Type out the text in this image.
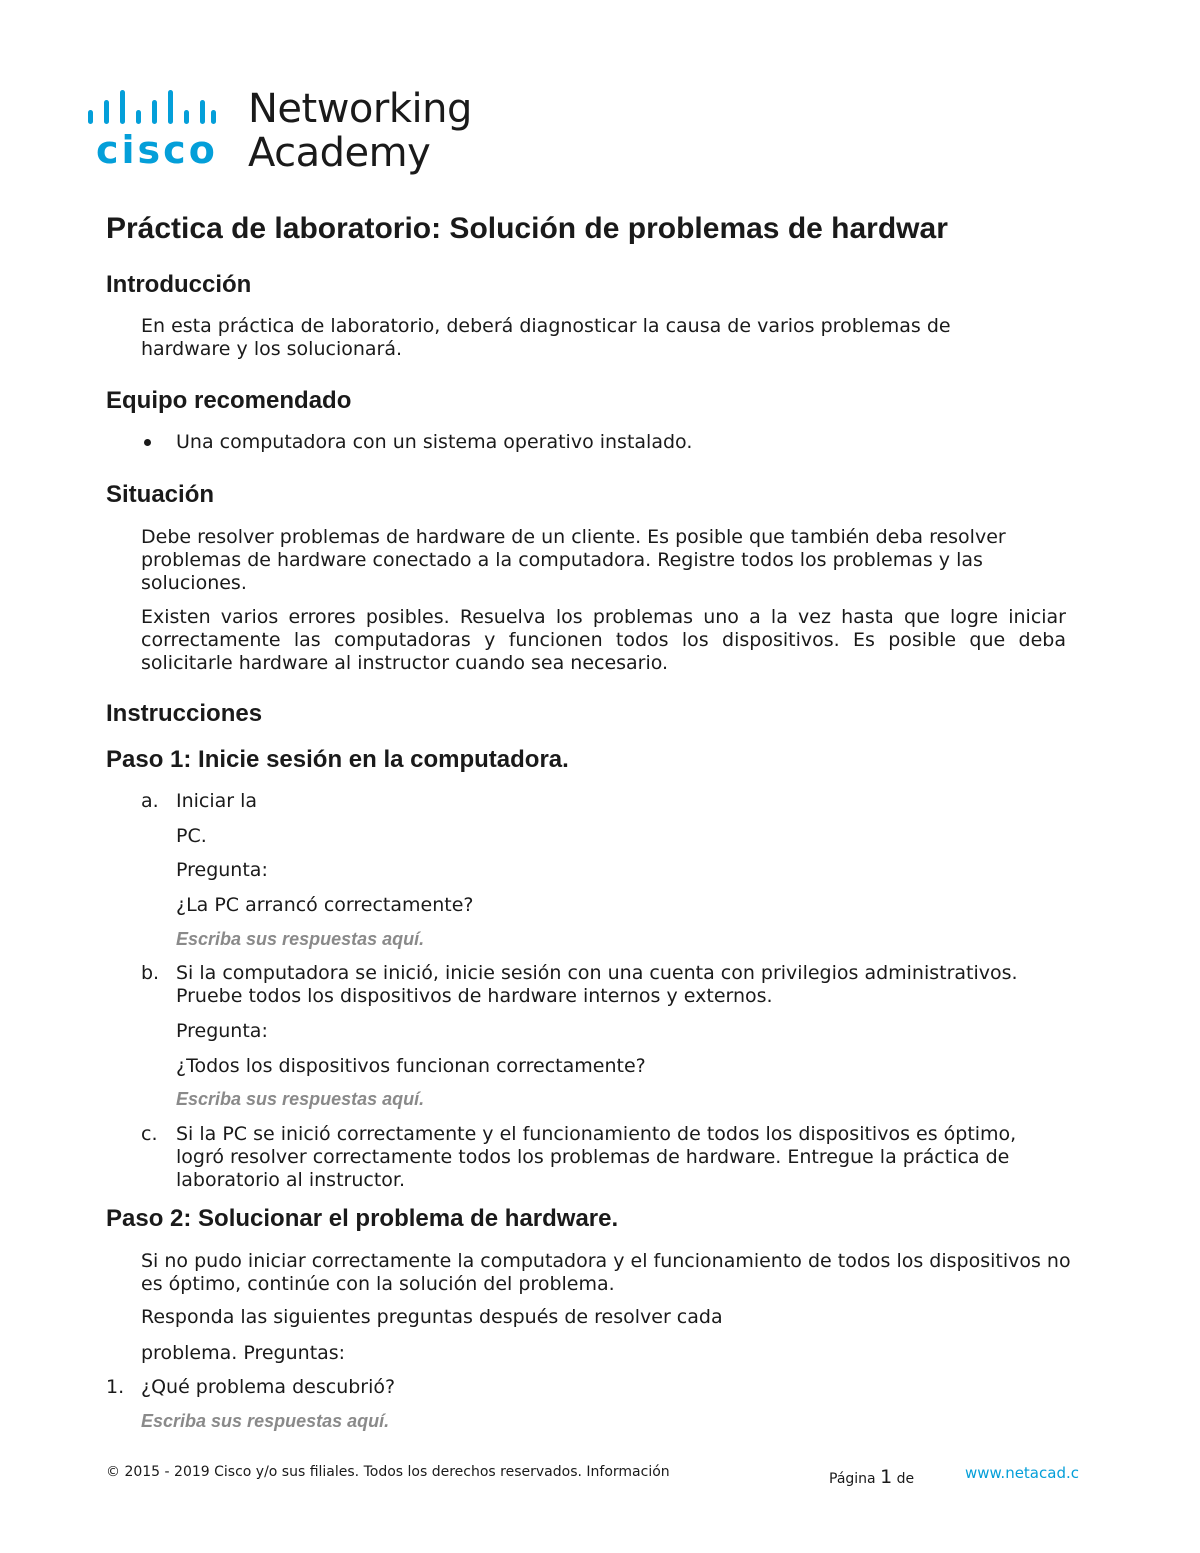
cisco
Networking
Academy
Práctica de laboratorio: Solución de problemas de hardwar
Introducción
En esta práctica de laboratorio, deberá diagnosticar la causa de varios problemas de hardware y los solucionará.
Equipo recomendado
Una computadora con un sistema operativo instalado.
Situación
Debe resolver problemas de hardware de un cliente. Es posible que también deba resolver problemas de hardware conectado a la computadora. Registre todos los problemas y las soluciones.
Existen varios errores posibles. Resuelva los problemas uno a la vez hasta que logre iniciar correctamente las computadoras y funcionen todos los dispositivos. Es posible que deba solicitarle hardware al instructor cuando sea necesario.
Instrucciones
Paso 1: Inicie sesión en la computadora.
a. Iniciar la
PC.
Pregunta:
¿La PC arrancó correctamente?
Escriba sus respuestas aquí.
b. Si la computadora se inició, inicie sesión con una cuenta con privilegios administrativos. Pruebe todos los dispositivos de hardware internos y externos.
Pregunta:
¿Todos los dispositivos funcionan correctamente?
Escriba sus respuestas aquí.
c. Si la PC se inició correctamente y el funcionamiento de todos los dispositivos es óptimo, logró resolver correctamente todos los problemas de hardware. Entregue la práctica de laboratorio al instructor.
Paso 2: Solucionar el problema de hardware.
Si no pudo iniciar correctamente la computadora y el funcionamiento de todos los dispositivos no es óptimo, continúe con la solución del problema.
Responda las siguientes preguntas después de resolver cada
problema. Preguntas:
1. ¿Qué problema descubrió?
Escriba sus respuestas aquí.
© 2015 - 2019 Cisco y/o sus filiales. Todos los derechos reservados. Información	Página 1 de	www.netacad.c
